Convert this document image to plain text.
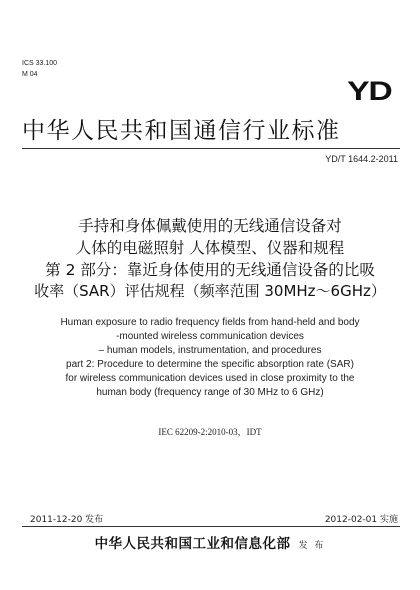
ICS 33.100
M 04
YD
中华人民共和国通信行业标准
YD/T 1644.2-2011
手持和身体佩戴使用的无线通信设备对
人体的电磁照射 人体模型、仪器和规程
第 2 部分：靠近身体使用的无线通信设备的比吸
收率（SAR）评估规程（频率范围 30MHz～6GHz）
Human exposure to radio frequency fields from hand-held and body
-mounted wireless communication devices
– human models, instrumentation, and procedures
part 2: Procedure to determine the specific absorption rate (SAR)
for wireless communication devices used in close proximity to the
human body (frequency range of 30 MHz to 6 GHz)
IEC 62209-2:2010-03，IDT
2011-12-20 发布	2012-02-01 实施
中华人民共和国工业和信息化部 发 布
